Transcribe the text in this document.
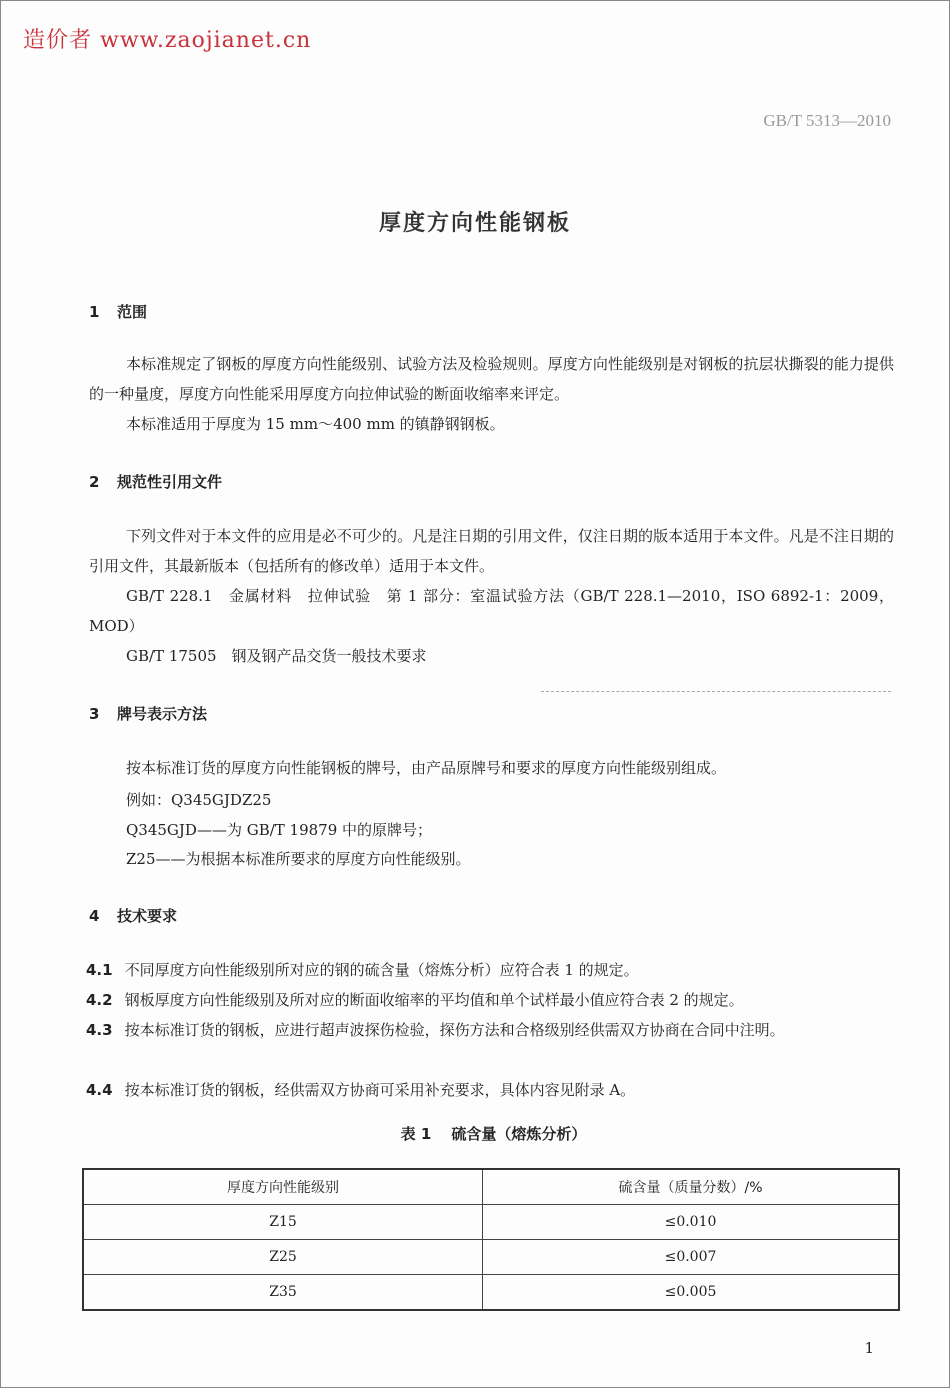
造价者 www.zaojianet.cn
GB/T 5313—2010
厚度方向性能钢板
1 范围
本标准规定了钢板的厚度方向性能级别、试验方法及检验规则。厚度方向性能级别是对钢板的抗层状撕裂的能力提供的一种量度，厚度方向性能采用厚度方向拉伸试验的断面收缩率来评定。
本标准适用于厚度为 15 mm～400 mm 的镇静钢钢板。
2 规范性引用文件
下列文件对于本文件的应用是必不可少的。凡是注日期的引用文件，仅注日期的版本适用于本文件。凡是不注日期的引用文件，其最新版本（包括所有的修改单）适用于本文件。
GB/T 228.1　金属材料　拉伸试验　第 1 部分：室温试验方法（GB/T 228.1—2010，ISO 6892-1：2009，MOD）
GB/T 17505　钢及钢产品交货一般技术要求
3 牌号表示方法
按本标准订货的厚度方向性能钢板的牌号，由产品原牌号和要求的厚度方向性能级别组成。
例如：Q345GJDZ25
Q345GJD——为 GB/T 19879 中的原牌号；
Z25——为根据本标准所要求的厚度方向性能级别。
4 技术要求
4.1 不同厚度方向性能级别所对应的钢的硫含量（熔炼分析）应符合表 1 的规定。
4.2 钢板厚度方向性能级别及所对应的断面收缩率的平均值和单个试样最小值应符合表 2 的规定。
4.3 按本标准订货的钢板，应进行超声波探伤检验，探伤方法和合格级别经供需双方协商在合同中注明。
4.4 按本标准订货的钢板，经供需双方协商可采用补充要求，具体内容见附录 A。
表 1 硫含量（熔炼分析）
厚度方向性能级别	硫含量（质量分数）/%
Z15	≤0.010
Z25	≤0.007
Z35	≤0.005
1
